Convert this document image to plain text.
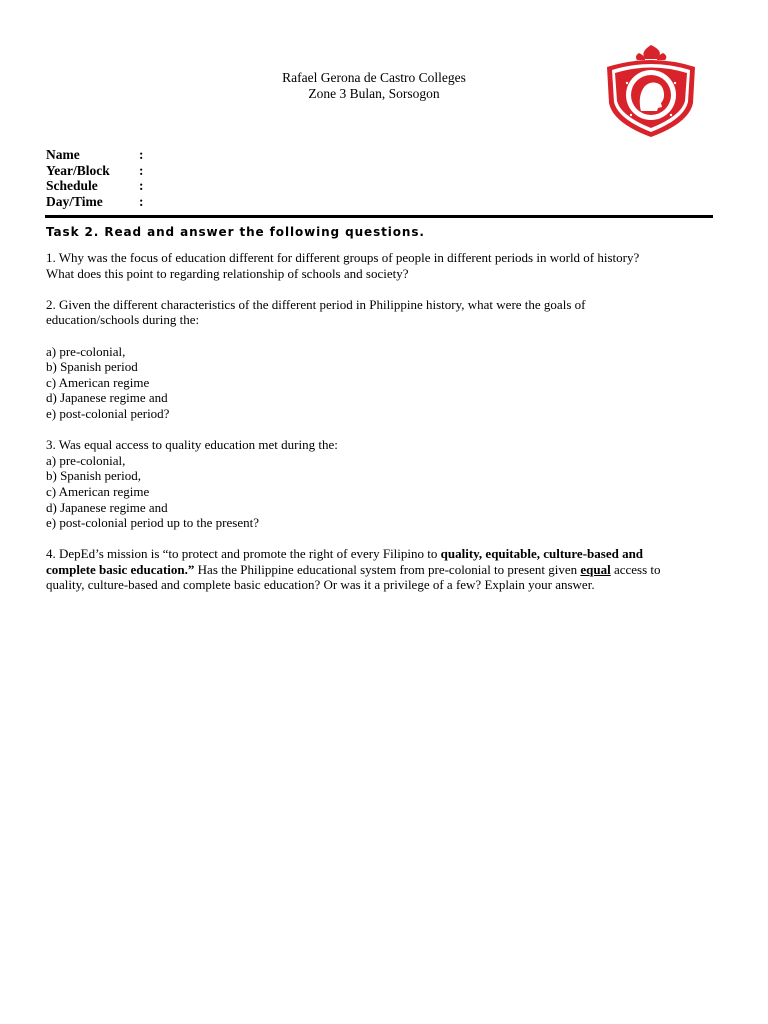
Rafael Gerona de Castro Colleges
Zone 3 Bulan, Sorsogon
Name	:
Year/Block	:
Schedule	:
Day/Time	:
Task 2. Read and answer the following questions.

1. Why was the focus of education different for different groups of people in different periods in world of history?

What does this point to regarding relationship of schools and society?

2. Given the different characteristics of the different period in Philippine history, what were the goals of

education/schools during the:

a) pre-colonial,

b) Spanish period

c) American regime

d) Japanese regime and

e) post-colonial period?

3. Was equal access to quality education met during the:

a) pre-colonial,

b) Spanish period,

c) American regime

d) Japanese regime and

e) post-colonial period up to the present?

4. DepEd’s mission is “to protect and promote the right of every Filipino to quality, equitable, culture-based and

complete basic education.” Has the Philippine educational system from pre-colonial to present given equal access to

quality, culture-based and complete basic education? Or was it a privilege of a few? Explain your answer.
